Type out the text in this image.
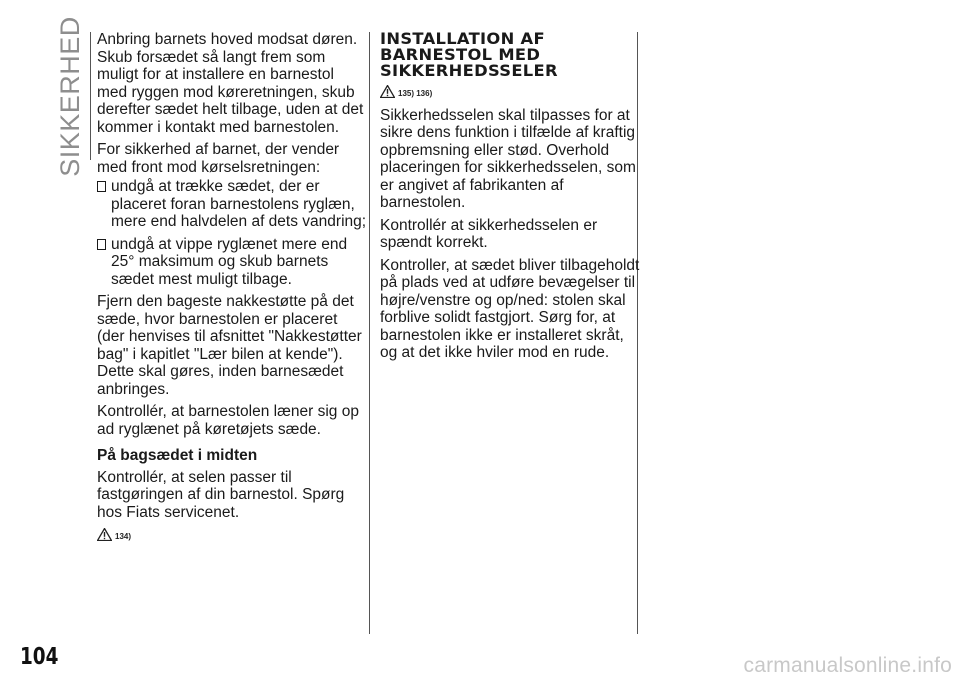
SIKKERHED
104

Anbring barnets hoved modsat døren. Skub forsædet så langt frem som muligt for at installere en barnestol med ryggen mod køreretningen, skub derefter sædet helt tilbage, uden at det kommer i kontakt med barnestolen.

For sikkerhed af barnet, der vender med front mod kørselsretningen:

undgå at trække sædet, der er placeret foran barnestolens ryglæn, mere end halvdelen af dets vandring;
undgå at vippe ryglænet mere end 25° maksimum og skub barnets sædet mest muligt tilbage.

Fjern den bageste nakkestøtte på det sæde, hvor barnestolen er placeret (der henvises til afsnittet "Nakkestøtter bag" i kapitlet "Lær bilen at kende"). Dette skal gøres, inden barnesædet anbringes.

Kontrollér, at barnestolen læner sig op ad ryglænet på køretøjets sæde.

På bagsædet i midten

Kontrollér, at selen passer til fastgøringen af din barnestol. Spørg hos Fiats servicenet.

134)
INSTALLATION AF
BARNESTOL MED
SIKKERHEDSSELER
135) 136)

Sikkerhedsselen skal tilpasses for at sikre dens funktion i tilfælde af kraftig opbremsning eller stød. Overhold placeringen for sikkerhedsselen, som er angivet af fabrikanten af barnestolen.

Kontrollér at sikkerhedsselen er spændt korrekt.

Kontroller, at sædet bliver tilbageholdt på plads ved at udføre bevægelser til højre/venstre og op/ned: stolen skal forblive solidt fastgjort. Sørg for, at barnestolen ikke er installeret skråt, og at det ikke hviler mod en rude.

carmanualsonline.info
